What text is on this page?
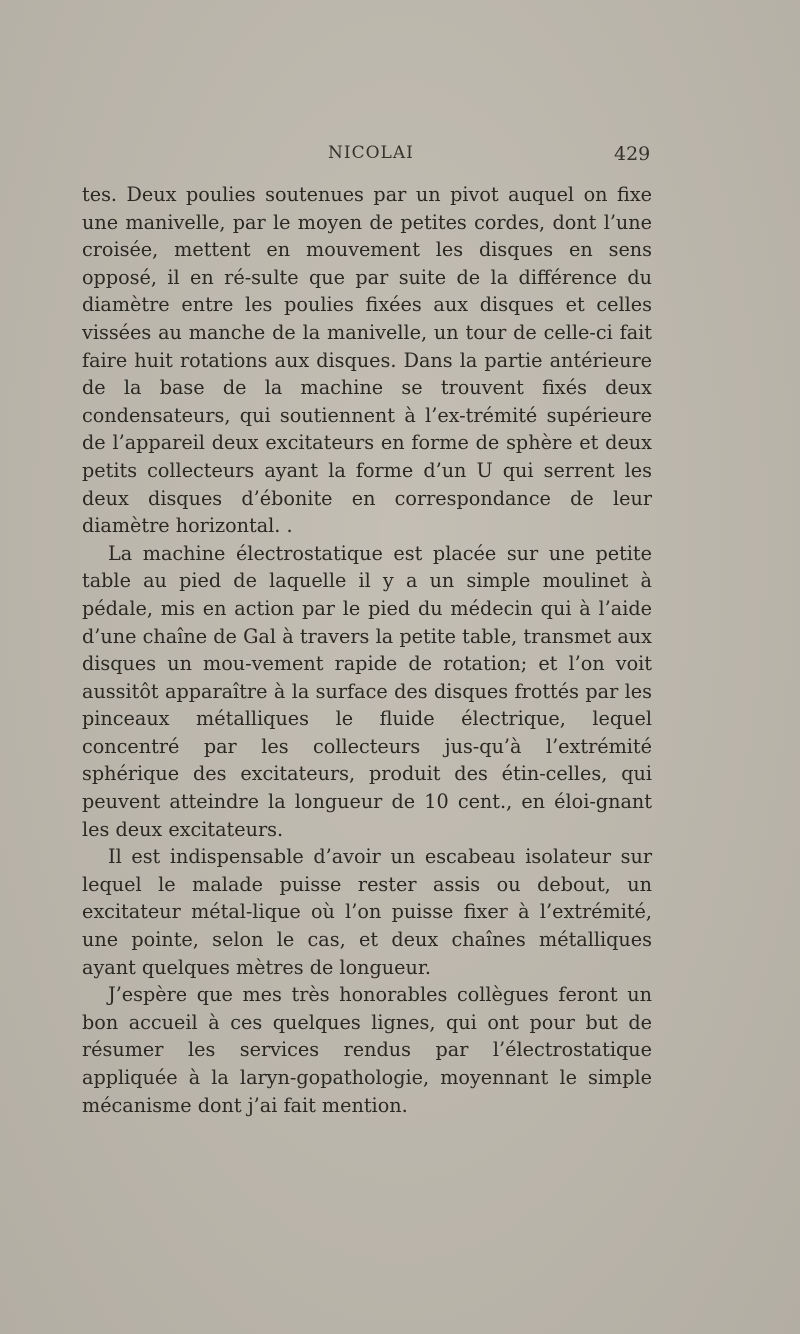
NICOLAI	429

tes. Deux poulies soutenues par un pivot auquel on fixe une manivelle, par le moyen de petites cordes, dont l’une croisée, mettent en mouvement les disques en sens opposé, il en ré-sulte que par suite de la différence du diamètre entre les poulies fixées aux disques et celles vissées au manche de la manivelle, un tour de celle-ci fait faire huit rotations aux disques. Dans la partie antérieure de la base de la machine se trouvent fixés deux condensateurs, qui soutiennent à l’ex-trémité supérieure de l’appareil deux excitateurs en forme de sphère et deux petits collecteurs ayant la forme d’un U qui serrent les deux disques d’ébonite en correspondance de leur diamètre horizontal. .

La machine électrostatique est placée sur une petite table au pied de laquelle il y a un simple moulinet à pédale, mis en action par le pied du médecin qui à l’aide d’une chaîne de Gal à travers la petite table, transmet aux disques un mou-vement rapide de rotation; et l’on voit aussitôt apparaître à la surface des disques frottés par les pinceaux métalliques le fluide électrique, lequel concentré par les collecteurs jus-qu’à l’extrémité sphérique des excitateurs, produit des étin-celles, qui peuvent atteindre la longueur de 10 cent., en éloi-gnant les deux excitateurs.

Il est indispensable d’avoir un escabeau isolateur sur lequel le malade puisse rester assis ou debout, un excitateur métal-lique où l’on puisse fixer à l’extrémité, une pointe, selon le cas, et deux chaînes métalliques ayant quelques mètres de longueur.

J’espère que mes très honorables collègues feront un bon accueil à ces quelques lignes, qui ont pour but de résumer les services rendus par l’électrostatique appliquée à la laryn-gopathologie, moyennant le simple mécanisme dont j’ai fait mention.
